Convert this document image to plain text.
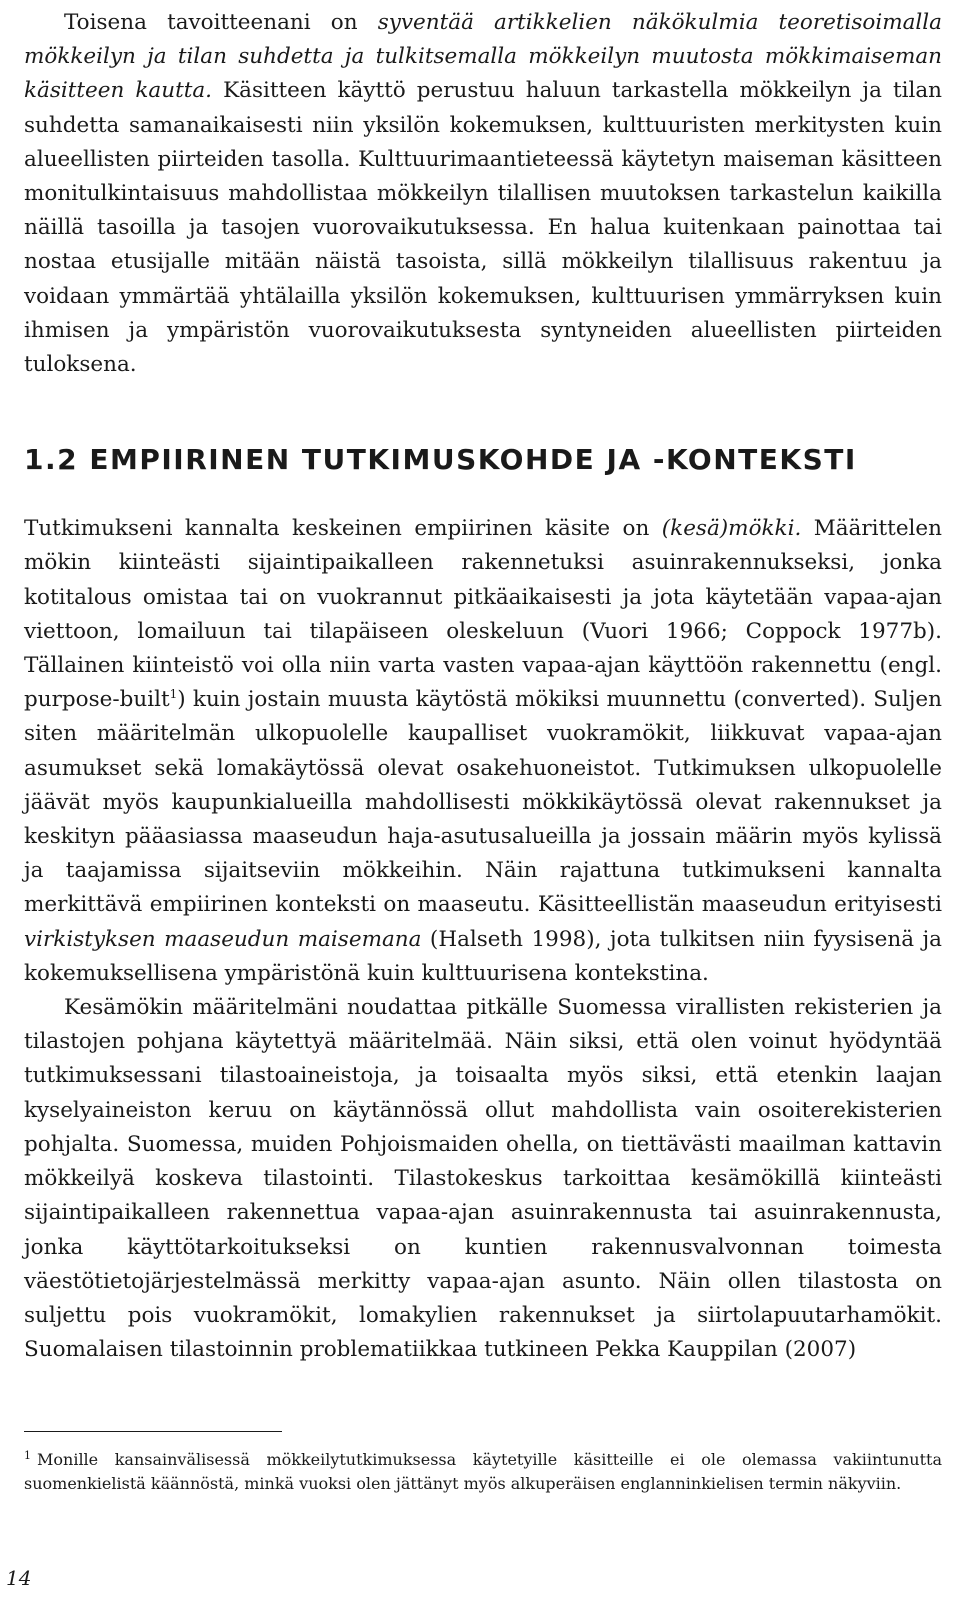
Toisena tavoitteenani on syventää artikkelien näkökulmia teoretisoimalla mökkeilyn ja tilan suhdetta ja tulkitsemalla mökkeilyn muutosta mökkimaiseman käsitteen kautta. Käsitteen käyttö perustuu haluun tarkastella mökkeilyn ja tilan suhdetta samanaikaisesti niin yksilön kokemuksen, kulttuuristen merkitysten kuin alueellisten piirteiden tasolla. Kulttuurimaantieteessä käytetyn maiseman käsitteen monitulkintaisuus mahdollistaa mökkeilyn tilallisen muutoksen tarkastelun kaikilla näillä tasoilla ja tasojen vuorovaikutuksessa. En halua kuitenkaan painottaa tai nostaa etusijalle mitään näistä tasoista, sillä mökkeilyn tilallisuus rakentuu ja voidaan ymmärtää yhtälailla yksilön kokemuksen, kulttuurisen ymmärryksen kuin ihmisen ja ympäristön vuorovaikutuksesta syntyneiden alueellisten piirteiden tuloksena.

1.2 EMPIIRINEN TUTKIMUSKOHDE JA -KONTEKSTI

Tutkimukseni kannalta keskeinen empiirinen käsite on (kesä)mökki. Määrittelen mökin kiinteästi sijaintipaikalleen rakennetuksi asuinrakennukseksi, jonka kotitalous omistaa tai on vuokrannut pitkäaikaisesti ja jota käytetään vapaa-ajan viettoon, lomailuun tai tilapäiseen oleskeluun (Vuori 1966; Coppock 1977b). Tällainen kiinteistö voi olla niin varta vasten vapaa-ajan käyttöön rakennettu (engl. purpose-built$^1$) kuin jostain muusta käytöstä mökiksi muunnettu (converted). Suljen siten määritelmän ulkopuolelle kaupalliset vuokramökit, liikkuvat vapaa-ajan asumukset sekä lomakäytössä olevat osakehuoneistot. Tutkimuksen ulkopuolelle jäävät myös kaupunkialueilla mahdollisesti mökkikäytössä olevat rakennukset ja keskityn pääasiassa maaseudun haja-asutusalueilla ja jossain määrin myös kylissä ja taajamissa sijaitseviin mökkeihin. Näin rajattuna tutkimukseni kannalta merkittävä empiirinen konteksti on maaseutu. Käsitteellistän maaseudun erityisesti virkistyksen maaseudun maisemana (Halseth 1998), jota tulkitsen niin fyysisenä ja kokemuksellisena ympäristönä kuin kulttuurisena kontekstina.

Kesämökin määritelmäni noudattaa pitkälle Suomessa virallisten rekisterien ja tilastojen pohjana käytettyä määritelmää. Näin siksi, että olen voinut hyödyntää tutkimuksessani tilastoaineistoja, ja toisaalta myös siksi, että etenkin laajan kyselyaineiston keruu on käytännössä ollut mahdollista vain osoiterekisterien pohjalta. Suomessa, muiden Pohjoismaiden ohella, on tiettävästi maailman kattavin mökkeilyä koskeva tilastointi. Tilastokeskus tarkoittaa kesämökillä kiinteästi sijaintipaikalleen rakennettua vapaa-ajan asuinrakennusta tai asuinrakennusta, jonka käyttötarkoitukseksi on kuntien rakennusvalvonnan toimesta väestötietojärjestelmässä merkitty vapaa-ajan asunto. Näin ollen tilastosta on suljettu pois vuokramökit, lomakylien rakennukset ja siirtolapuutarhamökit. Suomalaisen tilastoinnin problematiikkaa tutkineen Pekka Kauppilan (2007)

$^1$ Monille kansainvälisessä mökkeilytutkimuksessa käytetyille käsitteille ei ole olemassa vakiintunutta suomenkielistä käännöstä, minkä vuoksi olen jättänyt myös alkuperäisen englanninkielisen termin näkyviin.
14
